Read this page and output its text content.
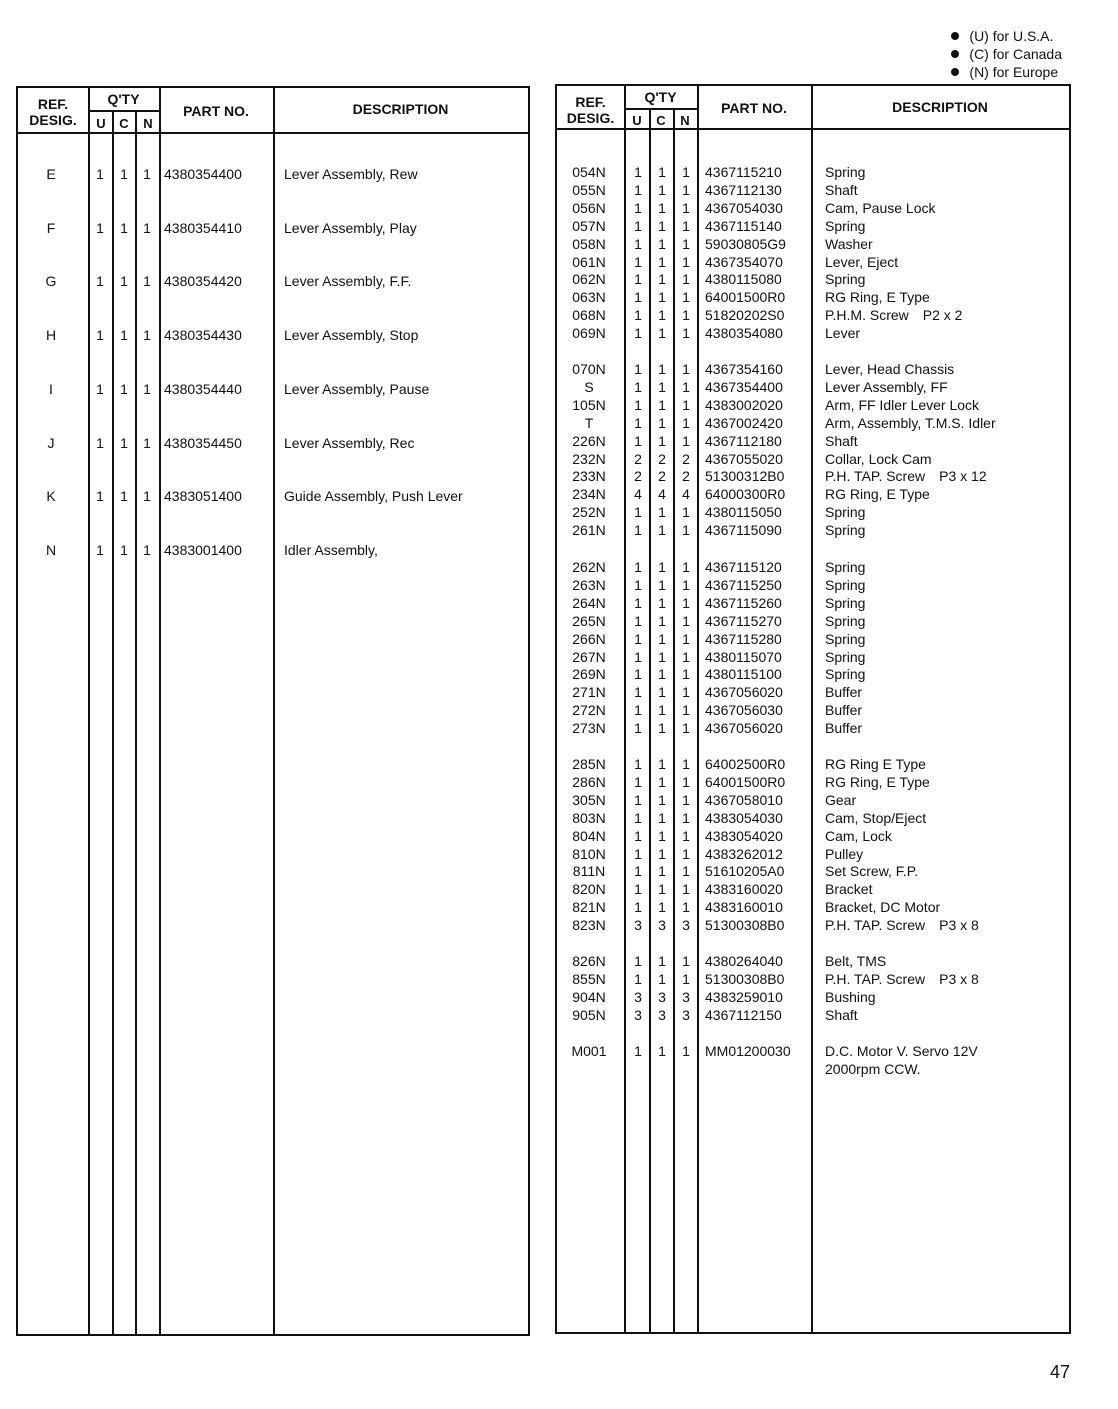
(U) for U.S.A.
(C) for Canada
(N) for Europe
REF.
DESIG.
Q'TY
U	C	N
PART NO.	DESCRIPTION
E	1	1	1 4380354400	Lever Assembly, Rew
F	1	1	1 4380354410	Lever Assembly, Play
G	1	1	1 4380354420	Lever Assembly, F.F.
H	1	1	1 4380354430	Lever Assembly, Stop
I	1	1	1 4380354440	Lever Assembly, Pause
J	1	1	1 4380354450	Lever Assembly, Rec
K	1	1	1 4383051400	Guide Assembly, Push Lever
N	1	1	1 4383001400	Idler Assembly,
REF.
DESIG.
Q'TY
U	C	N
PART NO.	DESCRIPTION
054N	1	1	1	4367115210	Spring
055N	1	1	1	4367112130	Shaft
056N	1	1	1	4367054030	Cam, Pause Lock
057N	1	1	1	4367115140	Spring
058N	1	1	1	59030805G9	Washer
061N	1	1	1	4367354070	Lever, Eject
062N	1	1	1	4380115080	Spring
063N	1	1	1	64001500R0	RG Ring, E Type
068N	1	1	1	51820202S0	P.H.M. Screw P2 x 2
069N	1	1	1	4380354080	Lever
070N	1	1	1	4367354160	Lever, Head Chassis
S	1	1	1	4367354400	Lever Assembly, FF
105N	1	1	1	4383002020	Arm, FF Idler Lever Lock
T	1	1	1	4367002420	Arm, Assembly, T.M.S. Idler
226N	1	1	1	4367112180	Shaft
232N	2	2	2	4367055020	Collar, Lock Cam
233N	2	2	2	51300312B0	P.H. TAP. Screw P3 x 12
234N	4	4	4	64000300R0	RG Ring, E Type
252N	1	1	1	4380115050	Spring
261N	1	1	1	4367115090	Spring
262N	1	1	1	4367115120	Spring
263N	1	1	1	4367115250	Spring
264N	1	1	1	4367115260	Spring
265N	1	1	1	4367115270	Spring
266N	1	1	1	4367115280	Spring
267N	1	1	1	4380115070	Spring
269N	1	1	1	4380115100	Spring
271N	1	1	1	4367056020	Buffer
272N	1	1	1	4367056030	Buffer
273N	1	1	1	4367056020	Buffer
285N	1	1	1	64002500R0	RG Ring E Type
286N	1	1	1	64001500R0	RG Ring, E Type
305N	1	1	1	4367058010	Gear
803N	1	1	1	4383054030	Cam, Stop/Eject
804N	1	1	1	4383054020	Cam, Lock
810N	1	1	1	4383262012	Pulley
811N	1	1	1	51610205A0	Set Screw, F.P.
820N	1	1	1	4383160020	Bracket
821N	1	1	1	4383160010	Bracket, DC Motor
823N	3	3	3	51300308B0	P.H. TAP. Screw P3 x 8
826N	1	1	1	4380264040	Belt, TMS
855N	1	1	1	51300308B0	P.H. TAP. Screw P3 x 8
904N	3	3	3	4383259010	Bushing
905N	3	3	3	4367112150	Shaft
M001	1	1	1	MM01200030 D.C. Motor V. Servo 12V
2000rpm CCW.
47
